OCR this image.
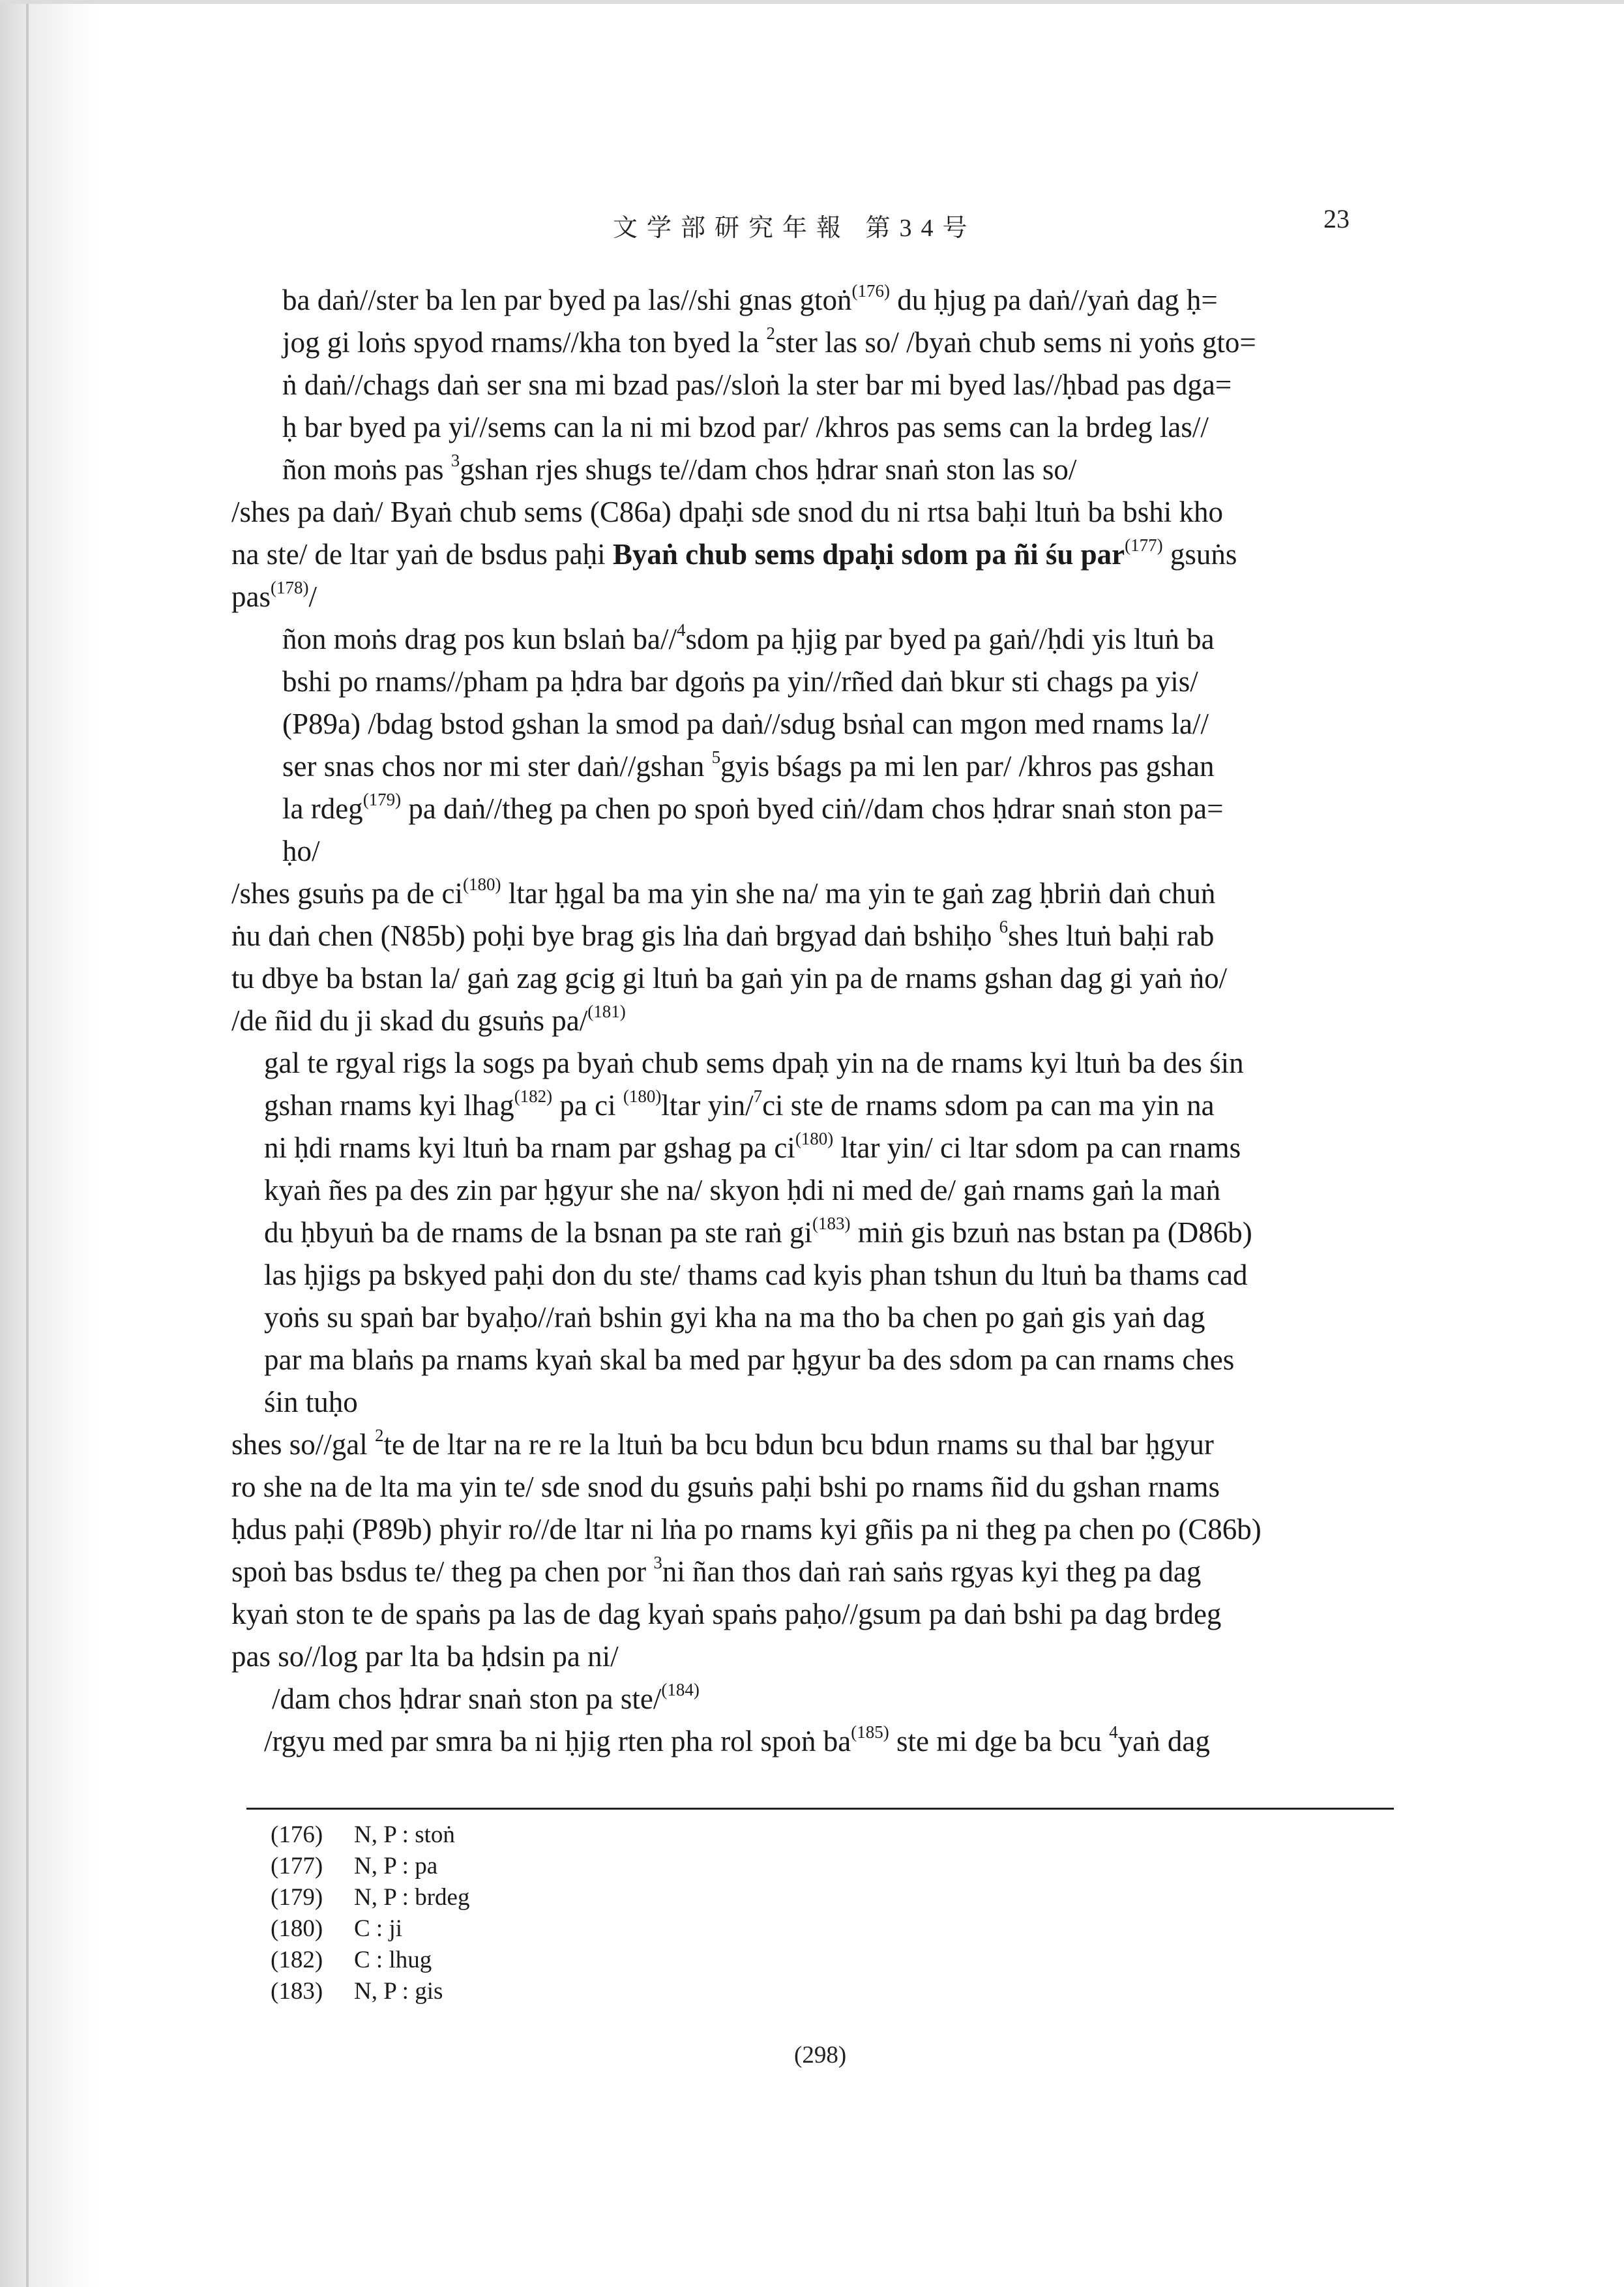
文学部研究年報 第34号	23
ba daṅ//ster ba len par byed pa las//shi gnas gtoṅ$^{(176)}$ du ḥjug pa daṅ//yaṅ dag ḥ=
jog gi loṅs spyod rnams//kha ton byed la $^2$ster las so/ /byaṅ chub sems ni yoṅs gto=
ṅ daṅ//chags daṅ ser sna mi bzad pas//sloṅ la ster bar mi byed las//ḥbad pas dga=
ḥ bar byed pa yi//sems can la ni mi bzod par/ /khros pas sems can la brdeg las//
ñon moṅs pas $^3$gshan rjes shugs te//dam chos ḥdrar snaṅ ston las so/
/shes pa daṅ/ Byaṅ chub sems (C86a) dpaḥi sde snod du ni rtsa baḥi ltuṅ ba bshi kho
na ste/ de ltar yaṅ de bsdus paḥi Byaṅ chub sems dpaḥi sdom pa ñi śu par$^{(177)}$ gsuṅs
pas$^{(178)}$/
ñon moṅs drag pos kun bslaṅ ba//$^4$sdom pa ḥjig par byed pa gaṅ//ḥdi yis ltuṅ ba
bshi po rnams//pham pa ḥdra bar dgoṅs pa yin//rñed daṅ bkur sti chags pa yis/
(P89a) /bdag bstod gshan la smod pa daṅ//sdug bsṅal can mgon med rnams la//
ser snas chos nor mi ster daṅ//gshan $^5$gyis bśags pa mi len par/ /khros pas gshan
la rdeg$^{(179)}$ pa daṅ//theg pa chen po spoṅ byed ciṅ//dam chos ḥdrar snaṅ ston pa=
ḥo/
/shes gsuṅs pa de $ci^{(180)}$ ltar ḥgal ba ma yin she na/ ma yin te gaṅ zag ḥbriṅ daṅ chuṅ
ṅu daṅ chen (N85b) poḥi bye brag gis lṅa daṅ brgyad daṅ bshiḥo $^6$shes ltuṅ baḥi rab
tu dbye ba bstan la/ gaṅ zag gcig gi ltuṅ ba gaṅ yin pa de rnams gshan dag gi yaṅ ṅo/
/de ñid du ji skad du gsuṅs pa/$^{(181)}$
gal te rgyal rigs la sogs pa byaṅ chub sems dpaḥ yin na de rnams kyi ltuṅ ba des śin
gshan rnams kyi lhag$^{(182)}$ pa ci $^{(180)}$ltar yin/$^7$ci ste de rnams sdom pa can ma yin na
ni ḥdi rnams kyi ltuṅ ba rnam par gshag pa $ci^{(180)}$ ltar yin/ ci ltar sdom pa can rnams
kyaṅ ñes pa des zin par ḥgyur she na/ skyon ḥdi ni med de/ gaṅ rnams gaṅ la maṅ
du ḥbyuṅ ba de rnams de la bsnan pa ste raṅ $gi^{(183)}$ miṅ gis bzuṅ nas bstan pa (D86b)
las ḥjigs pa bskyed paḥi don du ste/ thams cad kyis phan tshun du ltuṅ ba thams cad
yoṅs su spaṅ bar byaḥo//raṅ bshin gyi kha na ma tho ba chen po gaṅ gis yaṅ dag
par ma blaṅs pa rnams kyaṅ skal ba med par ḥgyur ba des sdom pa can rnams ches
śin tuḥo
shes so//gal $^2$te de ltar na re re la ltuṅ ba bcu bdun bcu bdun rnams su thal bar ḥgyur
ro she na de lta ma yin te/ sde snod du gsuṅs paḥi bshi po rnams ñid du gshan rnams
ḥdus paḥi (P89b) phyir ro//de ltar ni lṅa po rnams kyi gñis pa ni theg pa chen po (C86b)
spoṅ bas bsdus te/ theg pa chen por $^3$ni ñan thos daṅ raṅ saṅs rgyas kyi theg pa dag
kyaṅ ston te de spaṅs pa las de dag kyaṅ spaṅs paḥo//gsum pa daṅ bshi pa dag brdeg
pas so//log par lta ba ḥdsin pa ni/
/dam chos ḥdrar snaṅ ston pa ste/$^{(184)}$
/rgyu med par smra ba ni ḥjig rten pha rol spoṅ $ba^{(185)}$ ste mi dge ba bcu $^4$yaṅ dag
(176) N, P : stoṅ
(177) N, P : pa
(179) N, P : brdeg
(180) C : ji
(182) C : lhug
(183) N, P : gis
(298)
